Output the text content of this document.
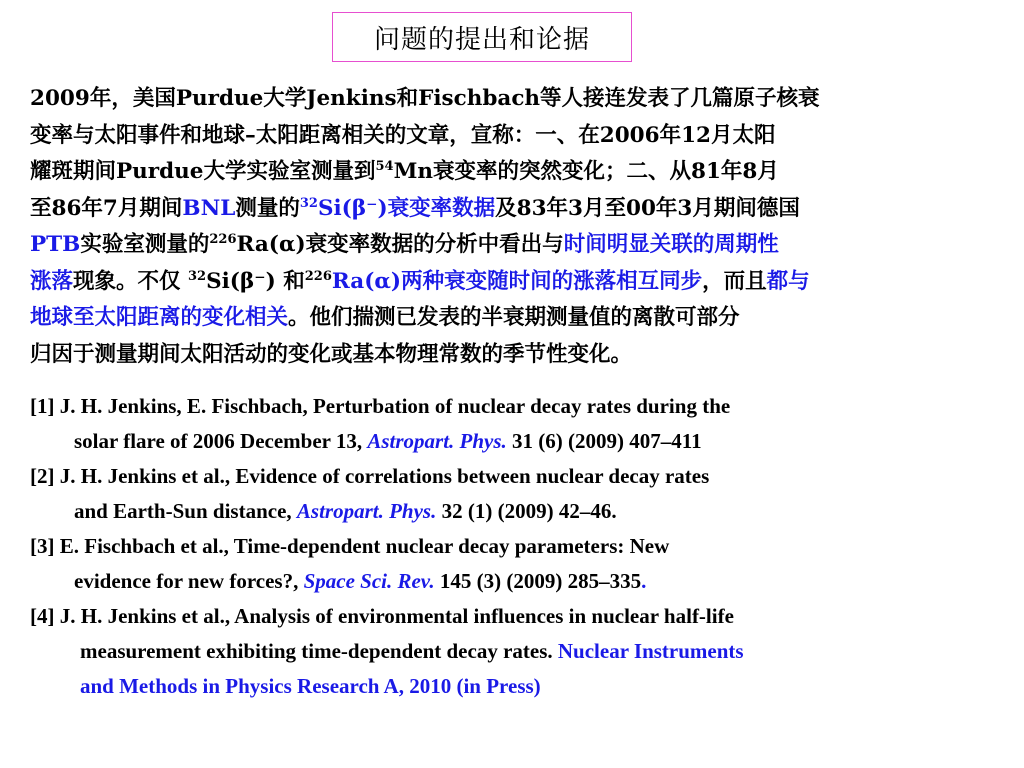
问题的提出和论据
2009年，美国Purdue大学Jenkins和Fischbach等人接连发表了几篇原子核衰
变率与太阳事件和地球–太阳距离相关的文章，宣称：一、在2006年12月太阳
耀斑期间Purdue大学实验室测量到$^{54}$Mn衰变率的突然变化；二、从81年8月
至86年7月期间BNL测量的$^{32}$Si(β⁻)衰变率数据及83年3月至00年3月期间德国
PTB实验室测量的$^{226}$Ra(α)衰变率数据的分析中看出与时间明显关联的周期性
涨落现象。不仅 $^{32}$Si(β⁻) 和$^{226}$Ra(α)两种衰变随时间的涨落相互同步，而且都与
地球至太阳距离的变化相关。他们揣测已发表的半衰期测量值的离散可部分
归因于测量期间太阳活动的变化或基本物理常数的季节性变化。
[1] J. H. Jenkins, E. Fischbach, Perturbation of nuclear decay rates during the
solar flare of 2006 December 13, Astropart. Phys. 31 (6) (2009) 407–411
[2] J. H. Jenkins et al., Evidence of correlations between nuclear decay rates
and Earth-Sun distance, Astropart. Phys. 32 (1) (2009) 42–46.
[3] E. Fischbach et al., Time-dependent nuclear decay parameters: New
evidence for new forces?, Space Sci. Rev. 145 (3) (2009) 285–335.
[4] J. H. Jenkins et al., Analysis of environmental influences in nuclear half-life
measurement exhibiting time-dependent decay rates. Nuclear Instruments
and Methods in Physics Research A, 2010 (in Press)
